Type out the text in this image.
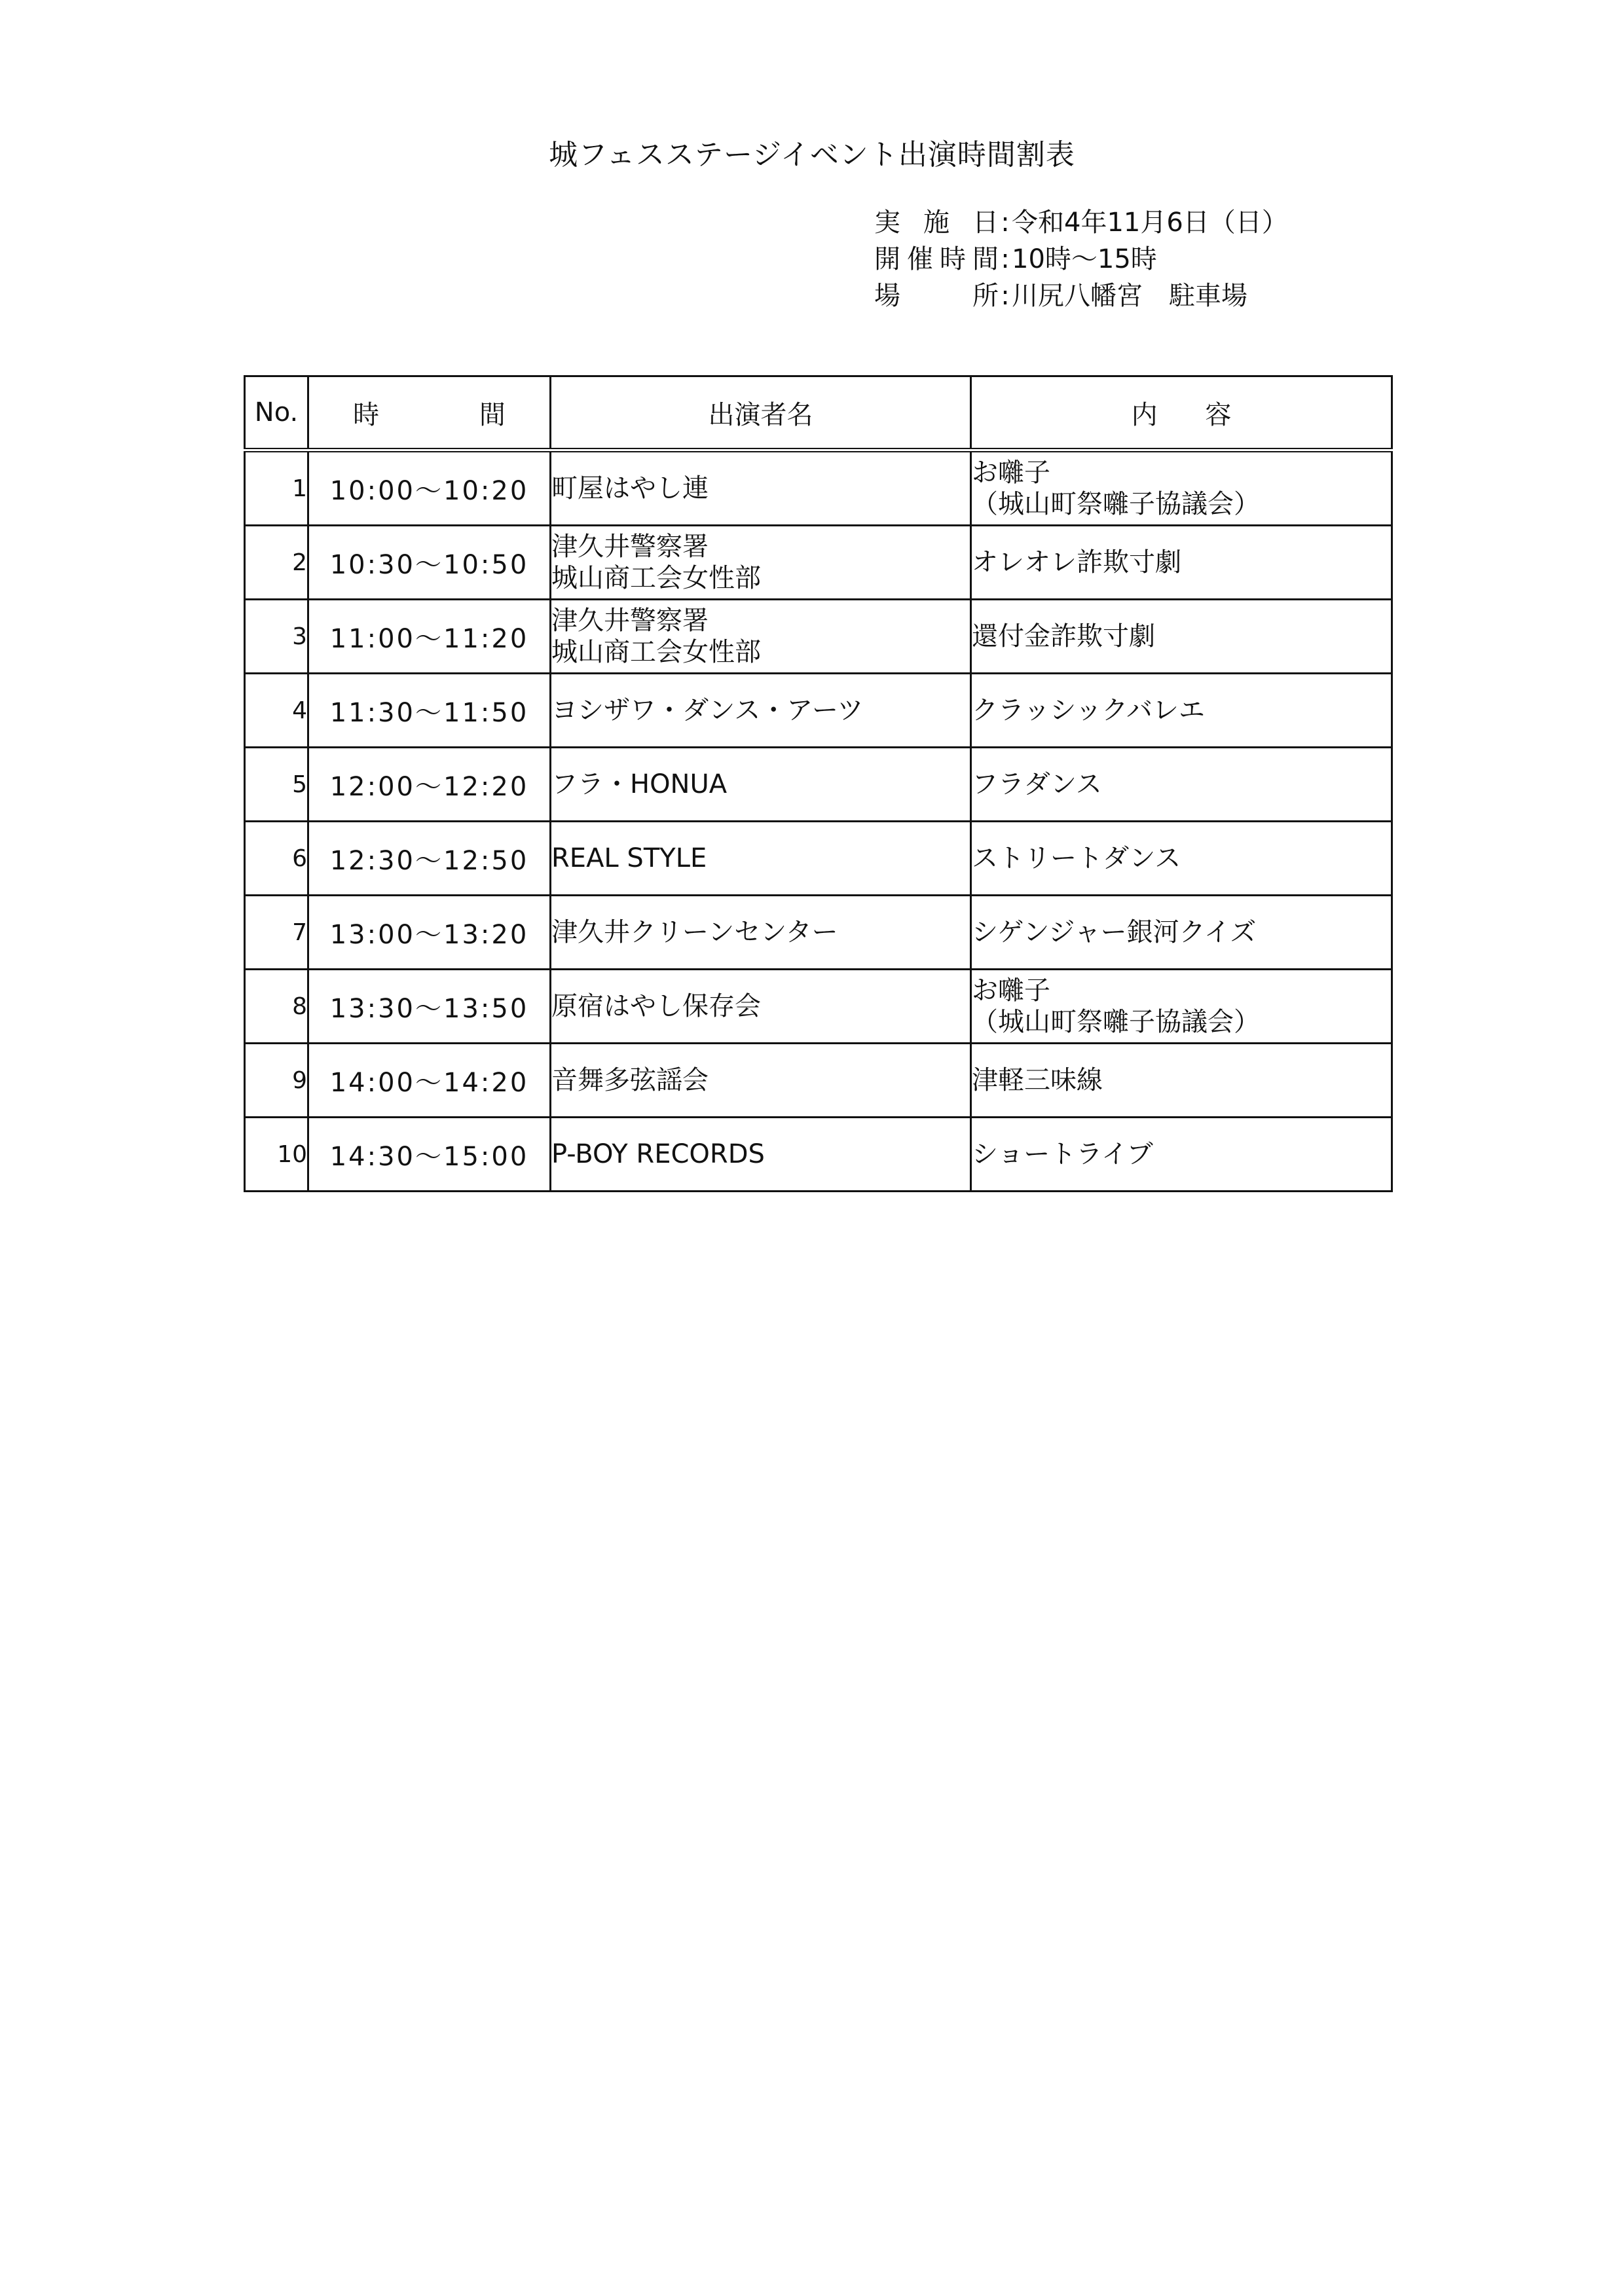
城フェスステージイベント出演時間割表
実 施 日 : 令和4年11月6日（日）
開催時間 : 10時～15時
場　　所 : 川尻八幡宮　駐車場
No.	時 間	出演者名	内 容
1	10:00～10:20	町屋はやし連	お囃子
（城山町祭囃子協議会）

2	10:30～10:50	津久井警察署
城山商工会女性部	オレオレ詐欺寸劇

3	11:00～11:20	津久井警察署
城山商工会女性部	還付金詐欺寸劇

4	11:30～11:50	ヨシザワ・ダンス・アーツ	クラッシックバレエ

5	12:00～12:20	フラ・HONUA	フラダンス

6	12:30～12:50	REAL STYLE	ストリートダンス

7	13:00～13:20	津久井クリーンセンター	シゲンジャー銀河クイズ

8	13:30～13:50	原宿はやし保存会	お囃子
（城山町祭囃子協議会）

9	14:00～14:20	音舞多弦謡会	津軽三味線

10	14:30～15:00	P-BOY RECORDS	ショートライブ
